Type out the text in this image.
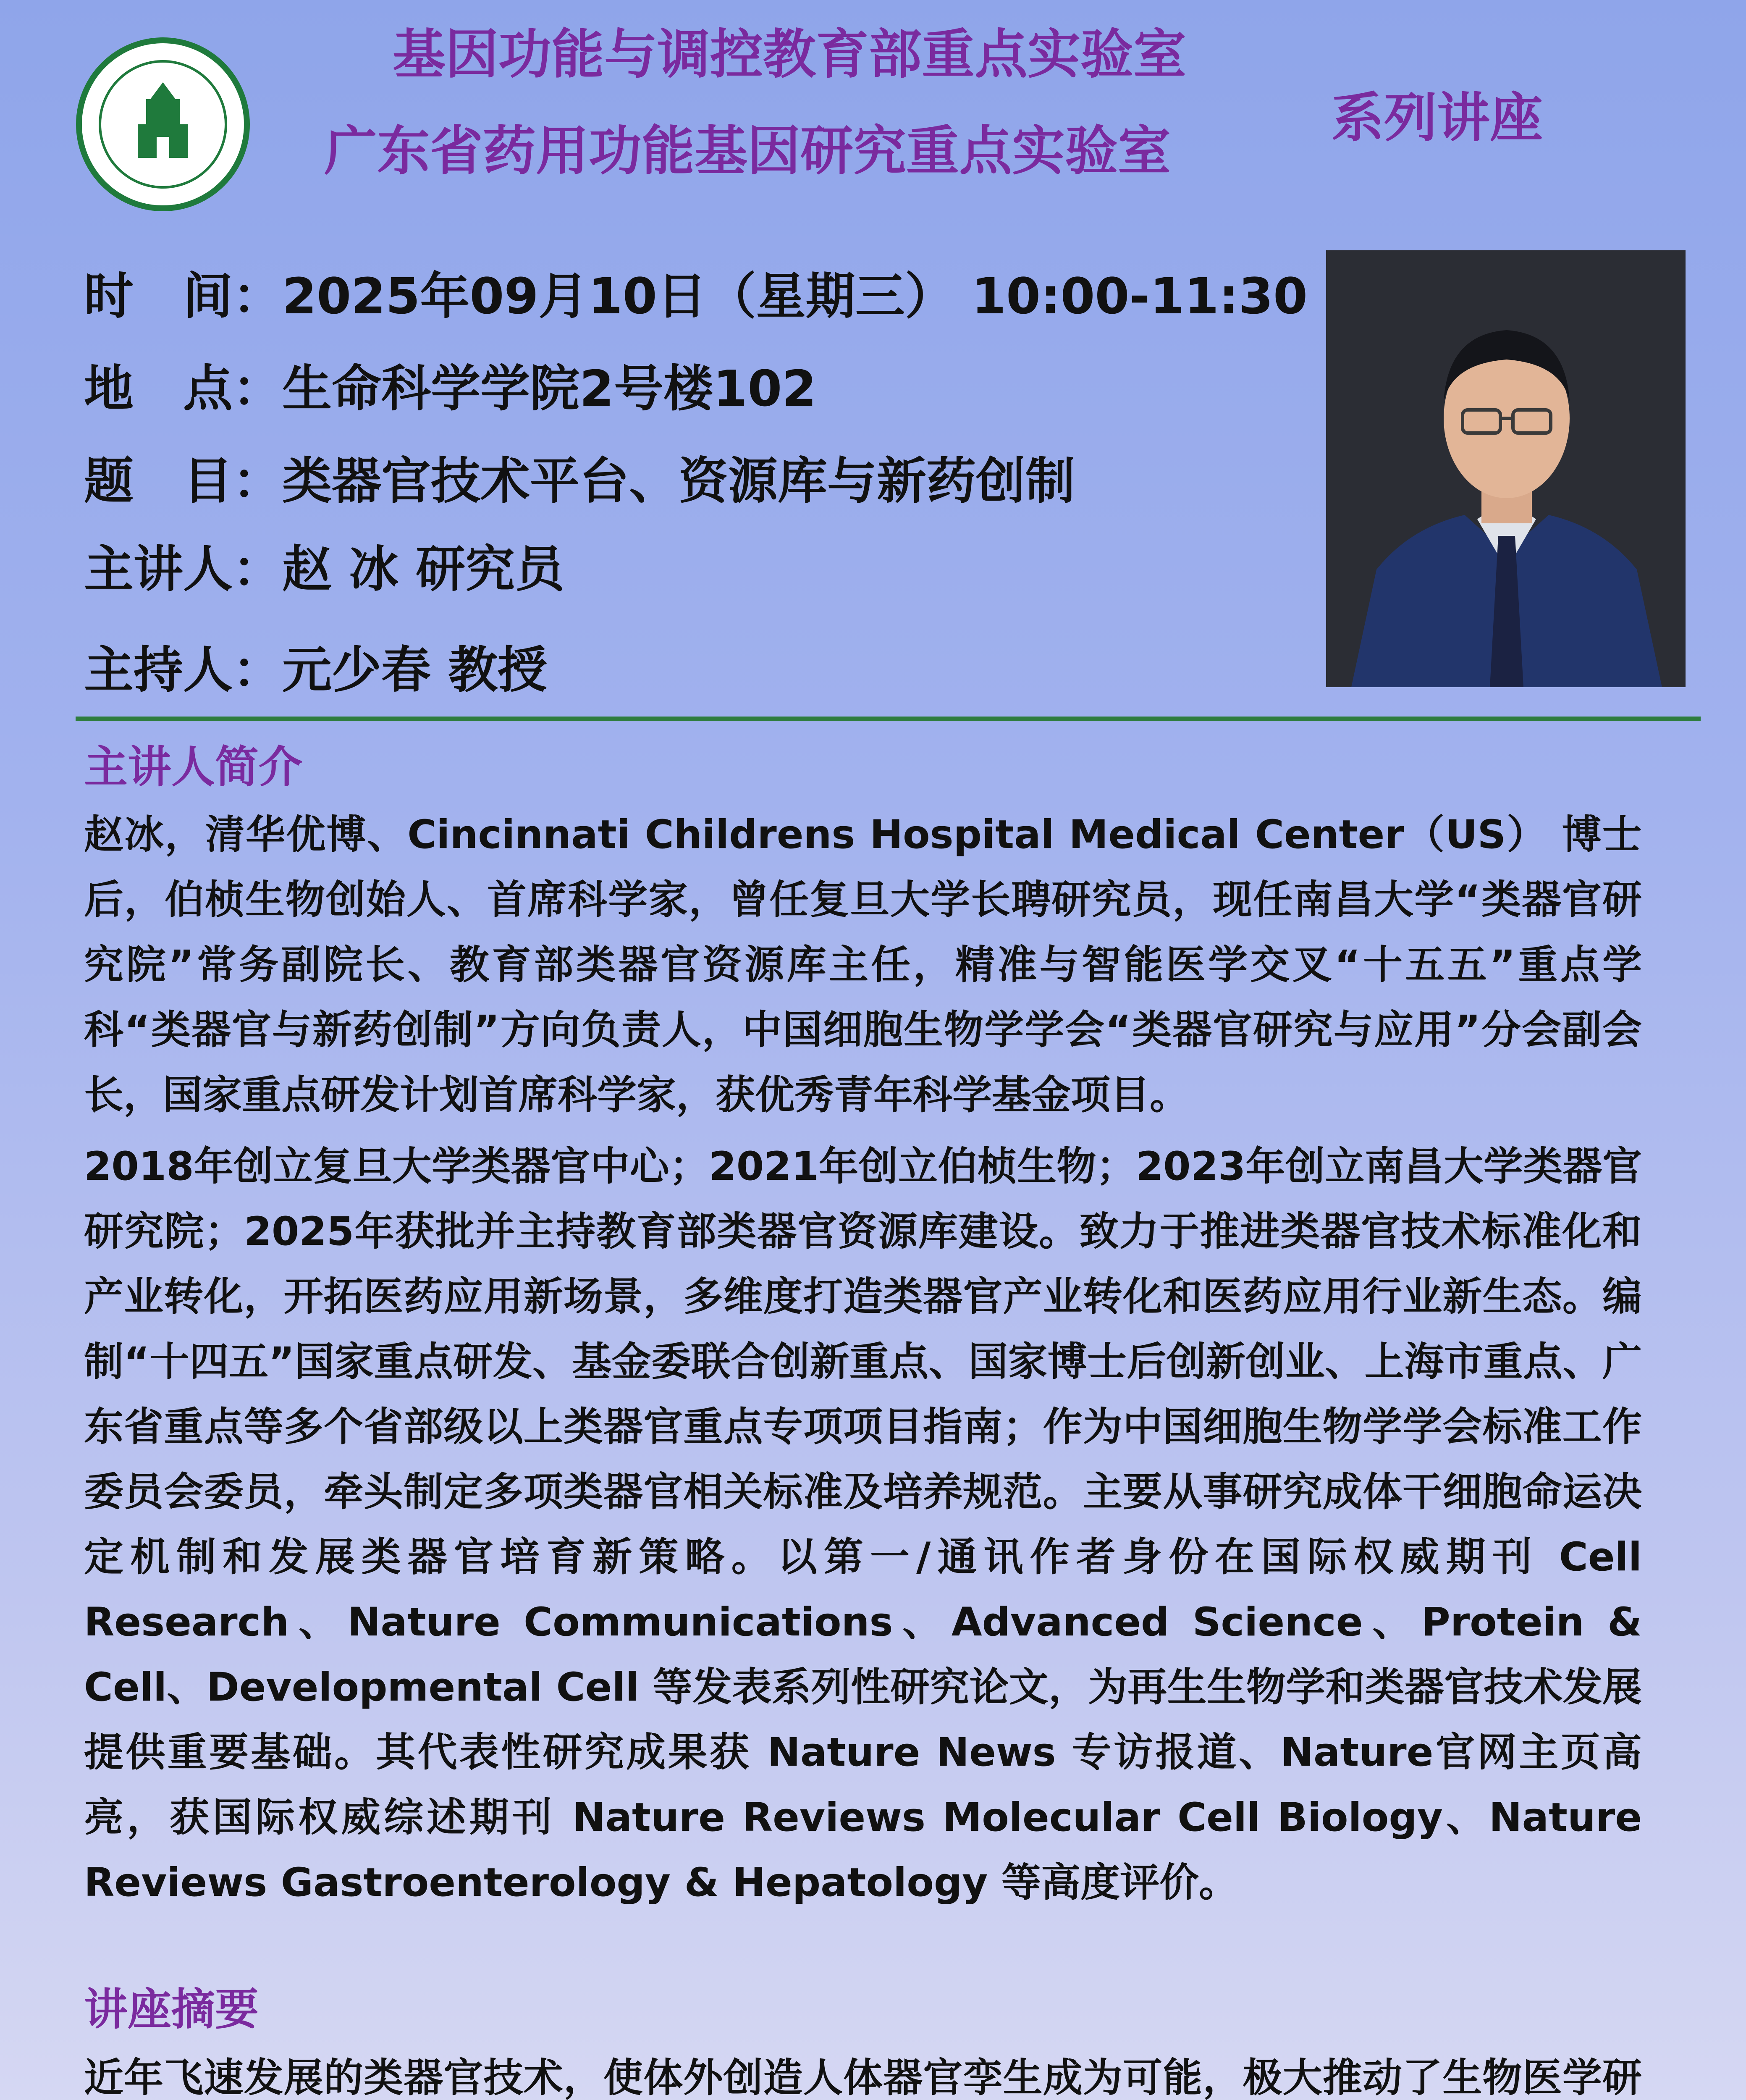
基因功能与调控教育部重点实验室
广东省药用功能基因研究重点实验室
系列讲座
时　间：2025年09月10日（星期三） 10:00-11:30
地　点：生命科学学院2号楼102
题　目：类器官技术平台、资源库与新药创制
主讲人：赵 冰 研究员
主持人：元少春 教授
主讲人简介

赵冰，清华优博、Cincinnati Childrens Hospital Medical Center（US） 博士后，伯桢生物创始人、首席科学家，曾任复旦大学长聘研究员，现任南昌大学“类器官研究院”常务副院长、教育部类器官资源库主任，精准与智能医学交叉“十五五”重点学科“类器官与新药创制”方向负责人，中国细胞生物学学会“类器官研究与应用”分会副会长，国家重点研发计划首席科学家，获优秀青年科学基金项目。

2018年创立复旦大学类器官中心；2021年创立伯桢生物；2023年创立南昌大学类器官研究院；2025年获批并主持教育部类器官资源库建设。致力于推进类器官技术标准化和产业转化，开拓医药应用新场景，多维度打造类器官产业转化和医药应用行业新生态。编制“十四五”国家重点研发、基金委联合创新重点、国家博士后创新创业、上海市重点、广东省重点等多个省部级以上类器官重点专项项目指南；作为中国细胞生物学学会标准工作委员会委员，牵头制定多项类器官相关标准及培养规范。主要从事研究成体干细胞命运决定机制和发展类器官培育新策略。以第一/通讯作者身份在国际权威期刊 Cell Research、Nature Communications、Advanced Science、Protein & Cell、Developmental Cell 等发表系列性研究论文，为再生生物学和类器官技术发展提供重要基础。其代表性研究成果获 Nature News 专访报道、Nature官网主页高亮，获国际权威综述期刊 Nature Reviews Molecular Cell Biology、Nature Reviews Gastroenterology & Hepatology 等高度评价。

讲座摘要

近年飞速发展的类器官技术，使体外创造人体器官孪生成为可能，极大推动了生物医学研
